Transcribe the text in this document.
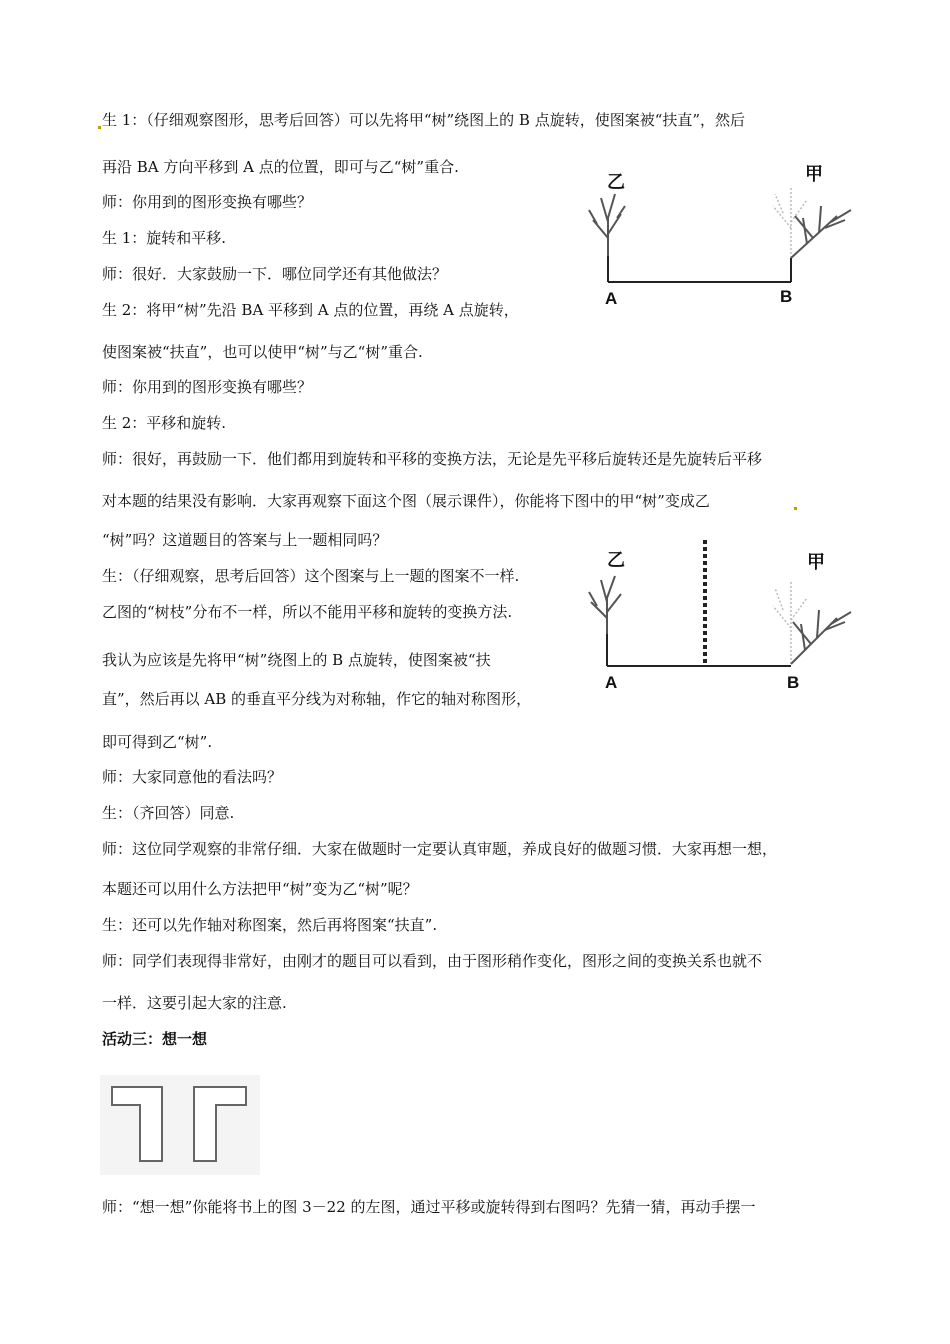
生 1：（仔细观察图形，思考后回答）可以先将甲“树”绕图上的 B 点旋转，使图案被“扶直”，然后
再沿 BA 方向平移到 A 点的位置，即可与乙“树”重合.
师：你用到的图形变换有哪些？
生 1：旋转和平移.
师：很好．大家鼓励一下．哪位同学还有其他做法？
生 2：将甲“树”先沿 BA 平移到 A 点的位置，再绕 A 点旋转，
使图案被“扶直”，也可以使甲“树”与乙“树”重合.
师：你用到的图形变换有哪些？
生 2：平移和旋转.
师：很好，再鼓励一下．他们都用到旋转和平移的变换方法，无论是先平移后旋转还是先旋转后平移
对本题的结果没有影响．大家再观察下面这个图（展示课件），你能将下图中的甲“树”变成乙
“树”吗？这道题目的答案与上一题相同吗？
生：（仔细观察，思考后回答）这个图案与上一题的图案不一样.
乙图的“树枝”分布不一样，所以不能用平移和旋转的变换方法.
我认为应该是先将甲“树”绕图上的 B 点旋转，使图案被“扶
直”，然后再以 AB 的垂直平分线为对称轴，作它的轴对称图形，
即可得到乙“树”.
师：大家同意他的看法吗？
生：（齐回答）同意.
师：这位同学观察的非常仔细．大家在做题时一定要认真审题，养成良好的做题习惯．大家再想一想，
本题还可以用什么方法把甲“树”变为乙“树”呢？
生：还可以先作轴对称图案，然后再将图案“扶直”.
师：同学们表现得非常好，由刚才的题目可以看到，由于图形稍作变化，图形之间的变换关系也就不
一样．这要引起大家的注意.
活动三：想一想
师：“想一想”你能将书上的图 3－22 的左图，通过平移或旋转得到右图吗？先猜一猜，再动手摆一
乙	甲
A	B
乙	甲
A	B
